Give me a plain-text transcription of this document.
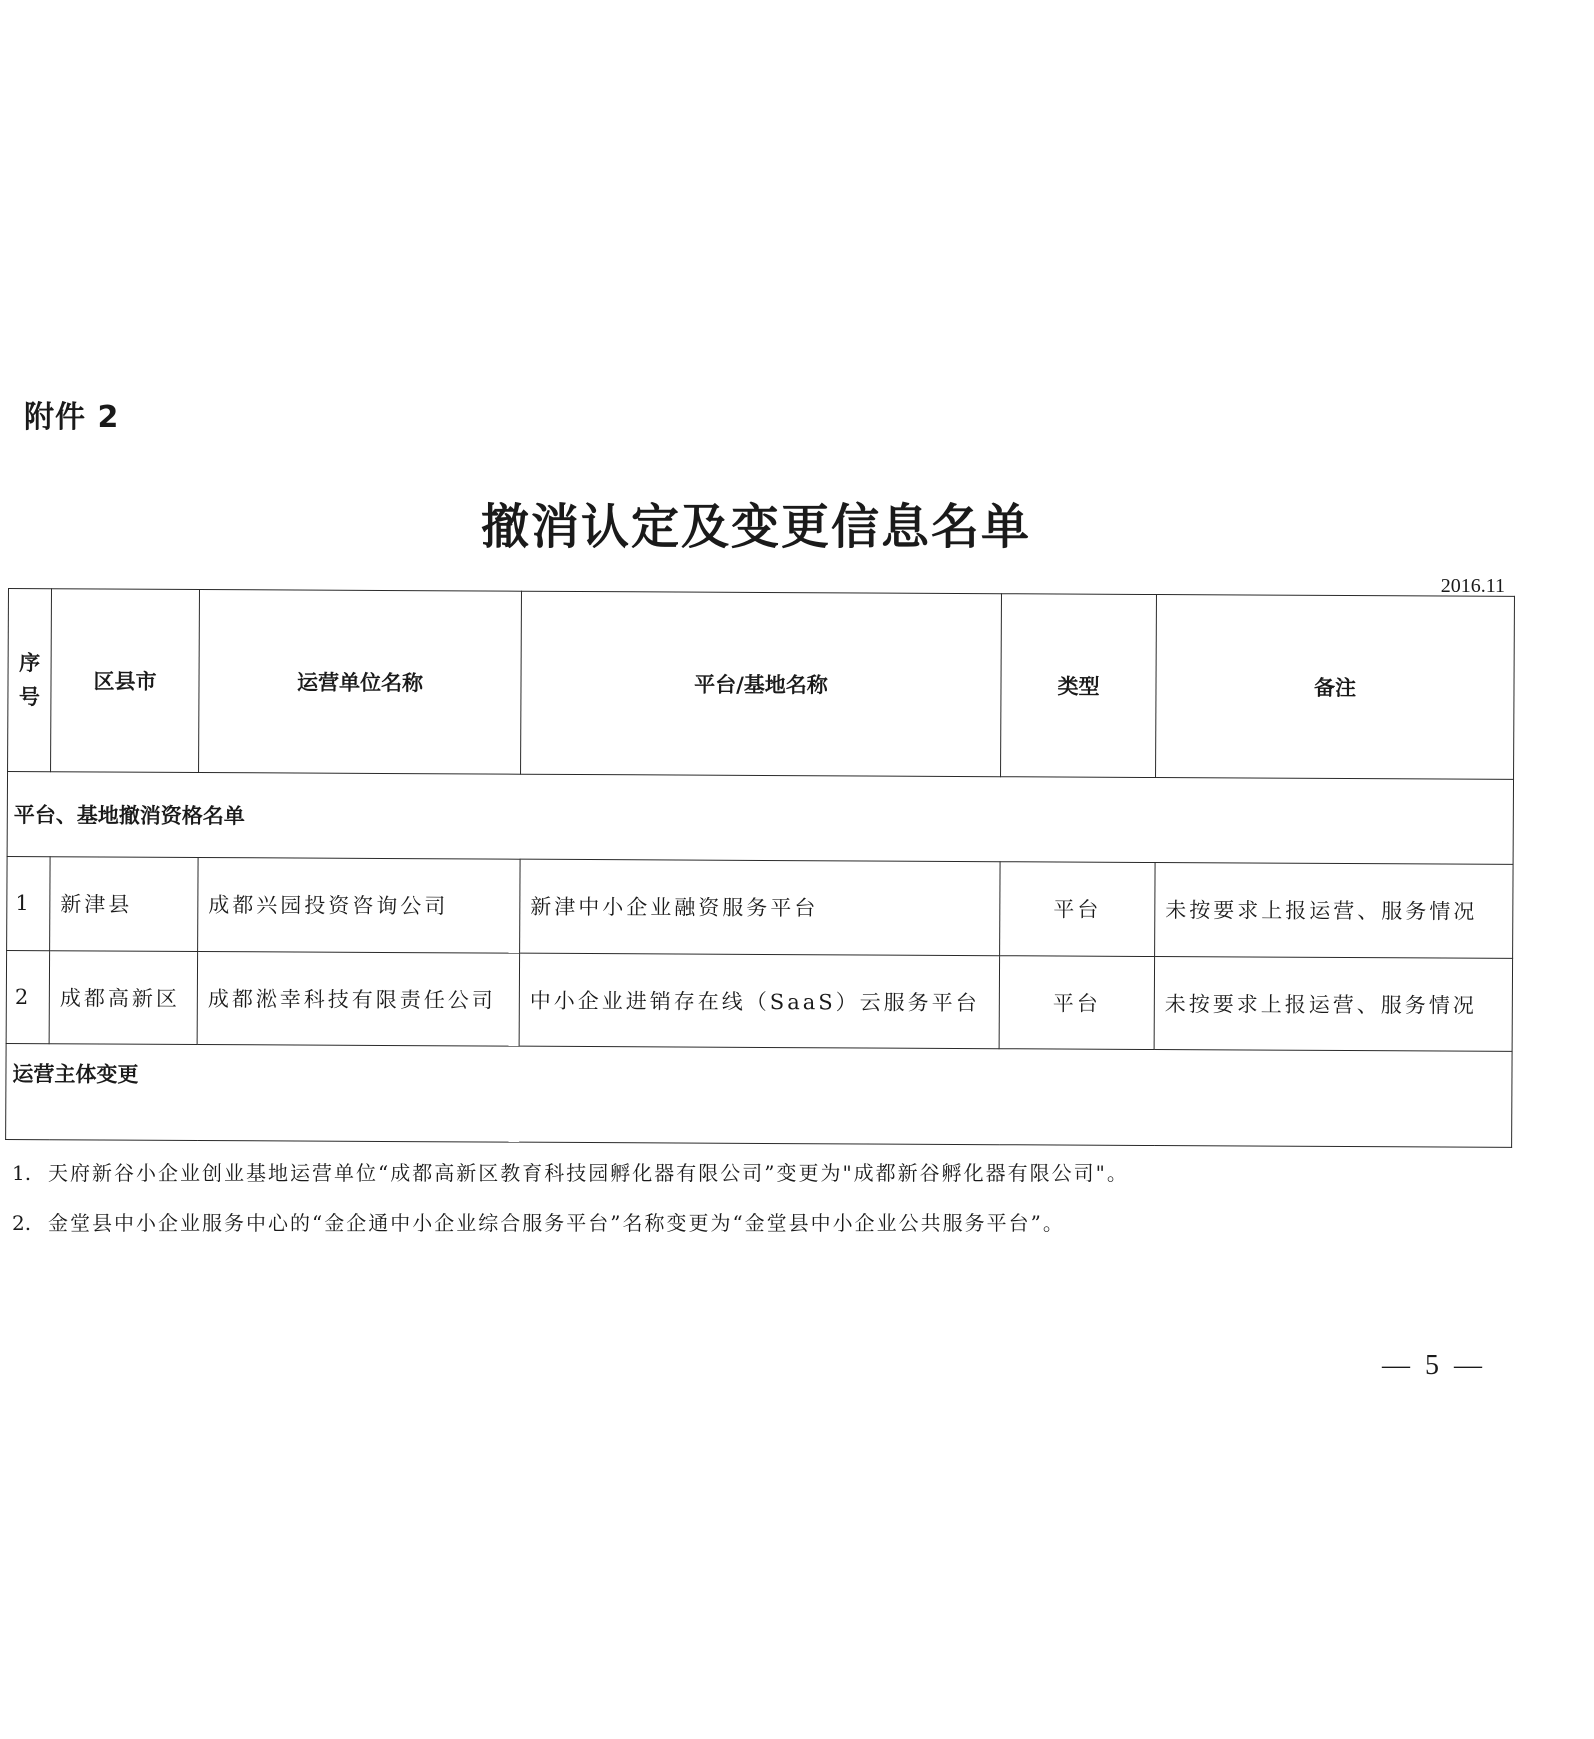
附件 2
撤消认定及变更信息名单
2016.11
序
号	区县市	运营单位名称	平台/基地名称	类型	备注
平台、基地撤消资格名单					
1	新津县	成都兴园投资咨询公司	新津中小企业融资服务平台	平台	未按要求上报运营、服务情况
2	成都高新区	成都淞幸科技有限责任公司	中小企业进销存在线（SaaS）云服务平台	平台	未按要求上报运营、服务情况
运营主体变更					
1. 天府新谷小企业创业基地运营单位“成都高新区教育科技园孵化器有限公司”变更为"成都新谷孵化器有限公司"。
2. 金堂县中小企业服务中心的“金企通中小企业综合服务平台”名称变更为“金堂县中小企业公共服务平台”。
— 5 —
